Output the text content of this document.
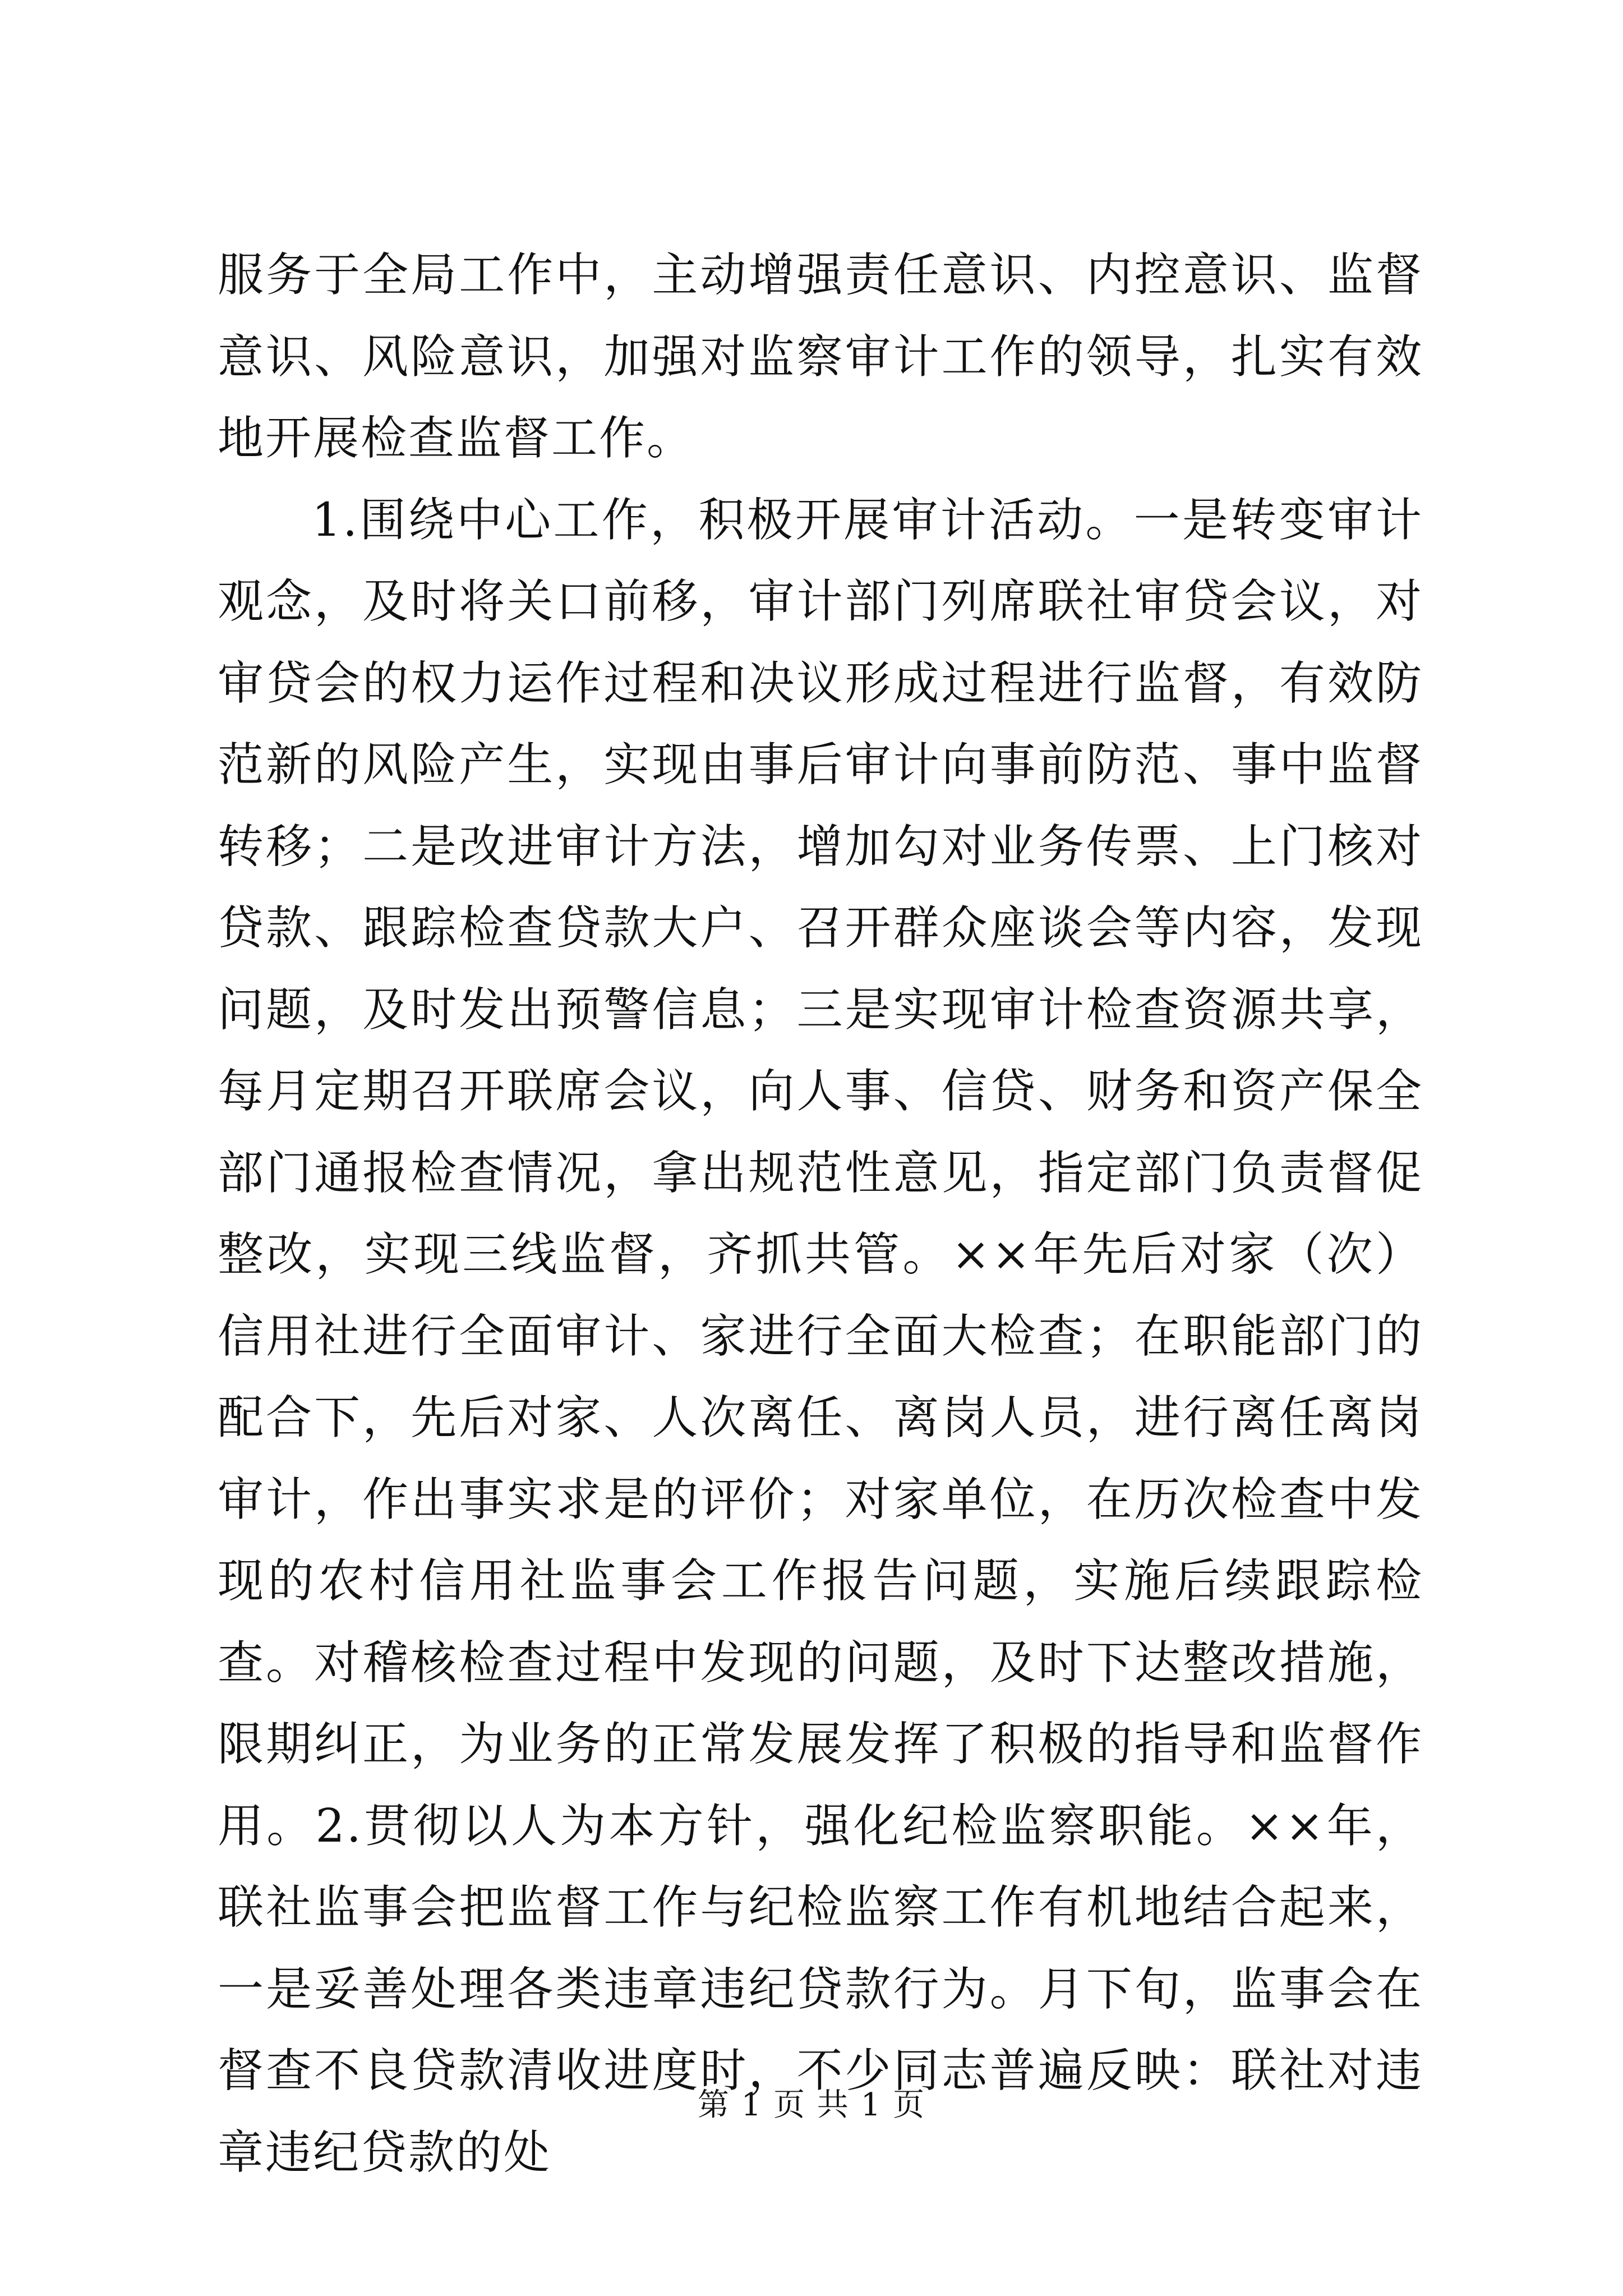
服务于全局工作中，主动增强责任意识、内控意识、监督意识、风险意识，加强对监察审计工作的领导，扎实有效地开展检查监督工作。

1.围绕中心工作，积极开展审计活动。一是转变审计观念，及时将关口前移，审计部门列席联社审贷会议，对审贷会的权力运作过程和决议形成过程进行监督，有效防范新的风险产生，实现由事后审计向事前防范、事中监督转移；二是改进审计方法，增加勾对业务传票、上门核对贷款、跟踪检查贷款大户、召开群众座谈会等内容，发现问题，及时发出预警信息；三是实现审计检查资源共享，每月定期召开联席会议，向人事、信贷、财务和资产保全部门通报检查情况，拿出规范性意见，指定部门负责督促整改，实现三线监督，齐抓共管。××年先后对家（次）信用社进行全面审计、家进行全面大检查；在职能部门的配合下，先后对家、人次离任、离岗人员，进行离任离岗审计，作出事实求是的评价；对家单位，在历次检查中发现的农村信用社监事会工作报告问题，实施后续跟踪检查。对稽核检查过程中发现的问题，及时下达整改措施，限期纠正，为业务的正常发展发挥了积极的指导和监督作用。2.贯彻以人为本方针，强化纪检监察职能。××年，联社监事会把监督工作与纪检监察工作有机地结合起来，一是妥善处理各类违章违纪贷款行为。月下旬，监事会在督查不良贷款清收进度时，不少同志普遍反映：联社对违章违纪贷款的处

第 1 页 共 1 页
